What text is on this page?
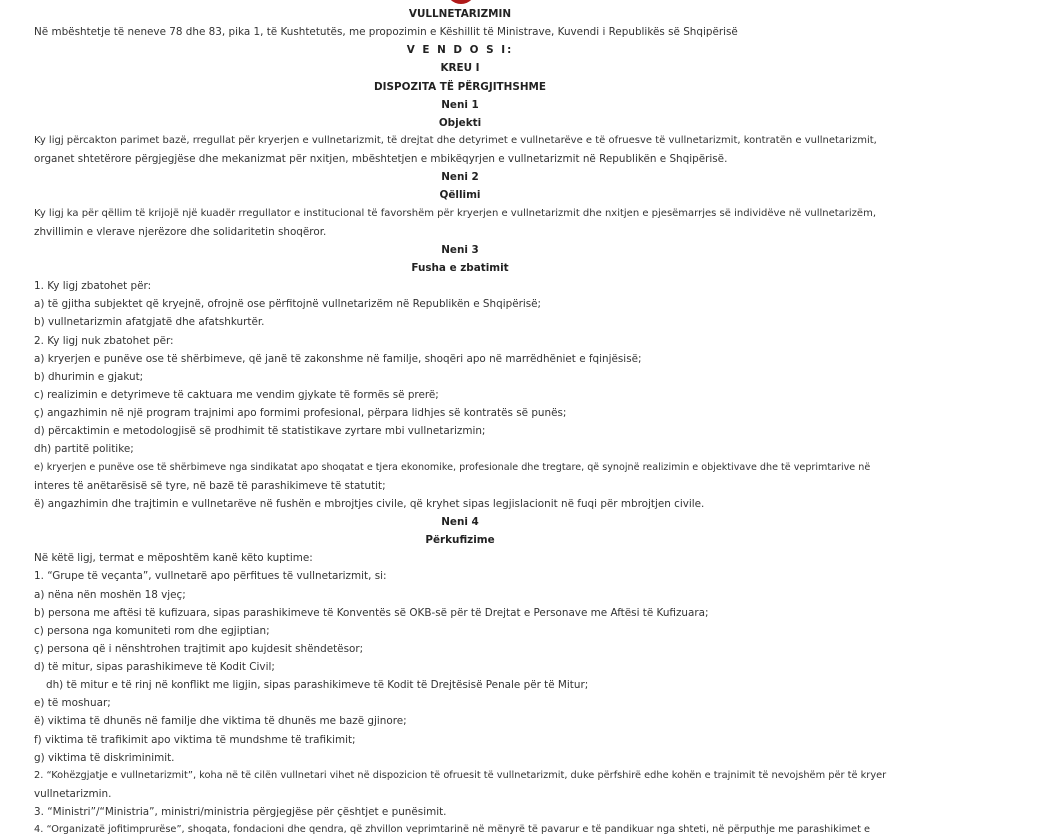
VULLNETARIZMIN
Në mbështetje të neneve 78 dhe 83, pika 1, të Kushtetutës, me propozimin e Këshillit të Ministrave, Kuvendi i Republikës së Shqipërisë
V E N D O S I:
KREU I
DISPOZITA TË PËRGJITHSHME
Neni 1
Objekti
Ky ligj përcakton parimet bazë, rregullat për kryerjen e vullnetarizmit, të drejtat dhe detyrimet e vullnetarëve e të ofruesve të vullnetarizmit, kontratën e vullnetarizmit,
organet shtetërore përgjegjëse dhe mekanizmat për nxitjen, mbështetjen e mbikëqyrjen e vullnetarizmit në Republikën e Shqipërisë.
Neni 2
Qëllimi
Ky ligj ka për qëllim të krijojë një kuadër rregullator e institucional të favorshëm për kryerjen e vullnetarizmit dhe nxitjen e pjesëmarrjes së individëve në vullnetarizëm,
zhvillimin e vlerave njerëzore dhe solidaritetin shoqëror.
Neni 3
Fusha e zbatimit
1. Ky ligj zbatohet për:
a) të gjitha subjektet që kryejnë, ofrojnë ose përfitojnë vullnetarizëm në Republikën e Shqipërisë;
b) vullnetarizmin afatgjatë dhe afatshkurtër.
2. Ky ligj nuk zbatohet për:
a) kryerjen e punëve ose të shërbimeve, që janë të zakonshme në familje, shoqëri apo në marrëdhëniet e fqinjësisë;
b) dhurimin e gjakut;
c) realizimin e detyrimeve të caktuara me vendim gjykate të formës së prerë;
ç) angazhimin në një program trajnimi apo formimi profesional, përpara lidhjes së kontratës së punës;
d) përcaktimin e metodologjisë së prodhimit të statistikave zyrtare mbi vullnetarizmin;
dh) partitë politike;
e) kryerjen e punëve ose të shërbimeve nga sindikatat apo shoqatat e tjera ekonomike, profesionale dhe tregtare, që synojnë realizimin e objektivave dhe të veprimtarive në
interes të anëtarësisë së tyre, në bazë të parashikimeve të statutit;
ë) angazhimin dhe trajtimin e vullnetarëve në fushën e mbrojtjes civile, që kryhet sipas legjislacionit në fuqi për mbrojtjen civile.
Neni 4
Përkufizime
Në këtë ligj, termat e mëposhtëm kanë këto kuptime:
1. “Grupe të veçanta”, vullnetarë apo përfitues të vullnetarizmit, si:
a) nëna nën moshën 18 vjeç;
b) persona me aftësi të kufizuara, sipas parashikimeve të Konventës së OKB-së për të Drejtat e Personave me Aftësi të Kufizuara;
c) persona nga komuniteti rom dhe egjiptian;
ç) persona që i nënshtrohen trajtimit apo kujdesit shëndetësor;
d) të mitur, sipas parashikimeve të Kodit Civil;
dh) të mitur e të rinj në konflikt me ligjin, sipas parashikimeve të Kodit të Drejtësisë Penale për të Mitur;
e) të moshuar;
ë) viktima të dhunës në familje dhe viktima të dhunës me bazë gjinore;
f) viktima të trafikimit apo viktima të mundshme të trafikimit;
g) viktima të diskriminimit.
2. “Kohëzgjatje e vullnetarizmit”, koha në të cilën vullnetari vihet në dispozicion të ofruesit të vullnetarizmit, duke përfshirë edhe kohën e trajnimit të nevojshëm për të kryer
vullnetarizmin.
3. “Ministri”/“Ministria”, ministri/ministria përgjegjëse për çështjet e punësimit.
4. “Organizatë jofitimprurëse”, shoqata, fondacioni dhe qendra, që zhvillon veprimtarinë në mënyrë të pavarur e të pandikuar nga shteti, në përputhje me parashikimet e
